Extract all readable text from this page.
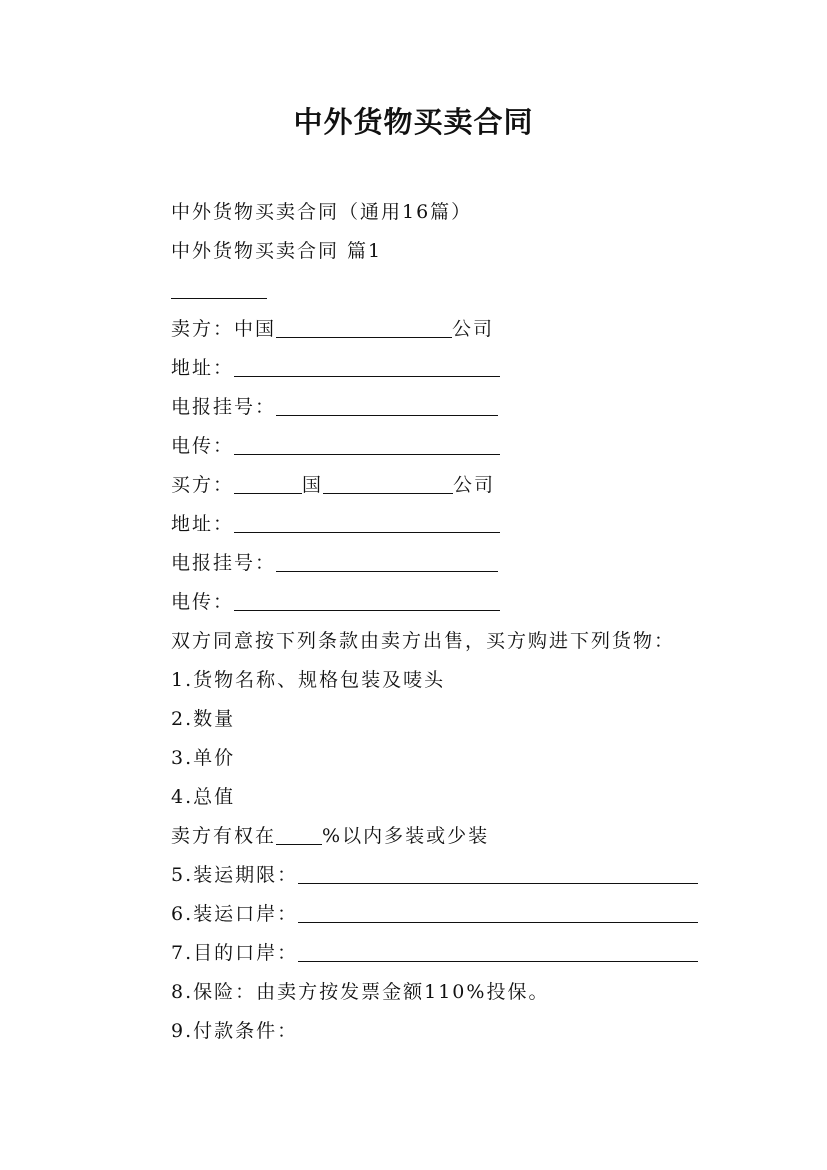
中外货物买卖合同
中外货物买卖合同（通用16篇）
中外货物买卖合同 篇1
卖方：中国	公司
地址：
电报挂号：
电传：
买方：	国	公司
地址：
电报挂号：
电传：
双方同意按下列条款由卖方出售，买方购进下列货物：
1.货物名称、规格包装及唛头
2.数量
3.单价
4.总值
卖方有权在 %以内多装或少装
5.装运期限：
6.装运口岸：
7.目的口岸：
8.保险：由卖方按发票金额110%投保。
9.付款条件：
